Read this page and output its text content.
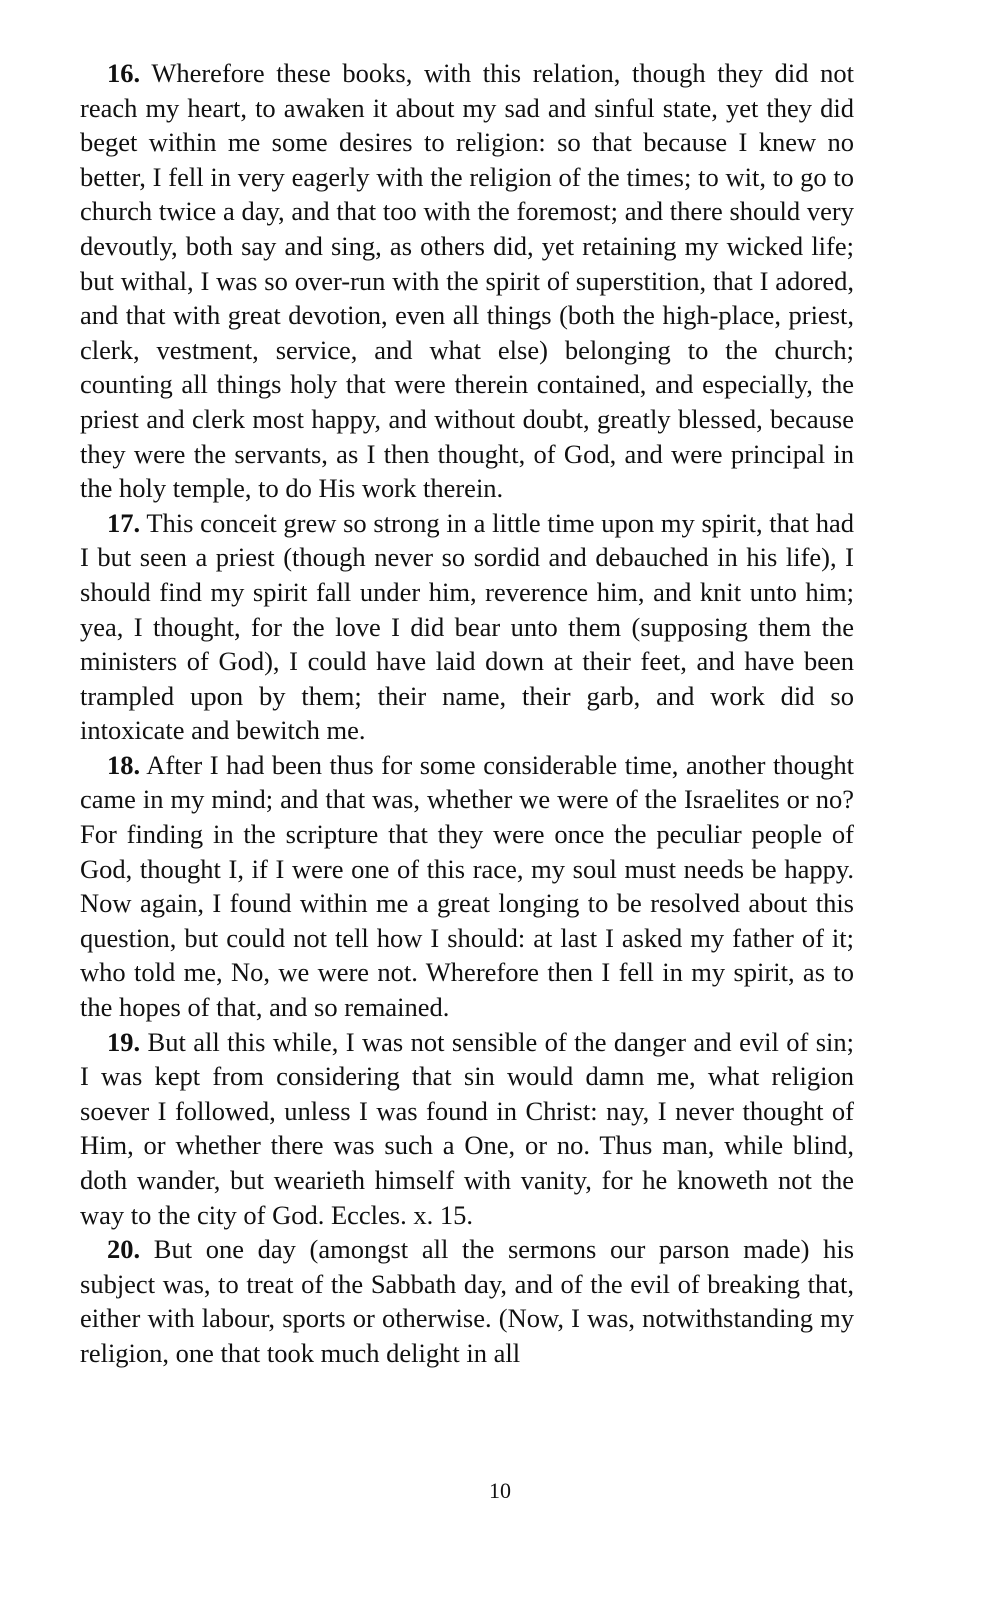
16. Wherefore these books, with this relation, though they did not reach my heart, to awaken it about my sad and sinful state, yet they did beget within me some desires to religion: so that because I knew no better, I fell in very eagerly with the religion of the times; to wit, to go to church twice a day, and that too with the foremost; and there should very devoutly, both say and sing, as others did, yet retaining my wicked life; but withal, I was so over-run with the spirit of superstition, that I adored, and that with great devotion, even all things (both the high-place, priest, clerk, vestment, service, and what else) belonging to the church; counting all things holy that were therein contained, and especially, the priest and clerk most happy, and without doubt, greatly blessed, because they were the servants, as I then thought, of God, and were principal in the holy temple, to do His work therein.

17. This conceit grew so strong in a little time upon my spirit, that had I but seen a priest (though never so sordid and debauched in his life), I should find my spirit fall under him, reverence him, and knit unto him; yea, I thought, for the love I did bear unto them (supposing them the ministers of God), I could have laid down at their feet, and have been trampled upon by them; their name, their garb, and work did so intoxicate and bewitch me.

18. After I had been thus for some considerable time, another thought came in my mind; and that was, whether we were of the Israelites or no? For finding in the scripture that they were once the peculiar people of God, thought I, if I were one of this race, my soul must needs be happy. Now again, I found within me a great longing to be resolved about this question, but could not tell how I should: at last I asked my father of it; who told me, No, we were not. Wherefore then I fell in my spirit, as to the hopes of that, and so remained.

19. But all this while, I was not sensible of the danger and evil of sin; I was kept from considering that sin would damn me, what religion soever I followed, unless I was found in Christ: nay, I never thought of Him, or whether there was such a One, or no. Thus man, while blind, doth wander, but wearieth himself with vanity, for he knoweth not the way to the city of God. Eccles. x. 15.

20. But one day (amongst all the sermons our parson made) his subject was, to treat of the Sabbath day, and of the evil of breaking that, either with labour, sports or otherwise. (Now, I was, notwithstanding my religion, one that took much delight in all

10
